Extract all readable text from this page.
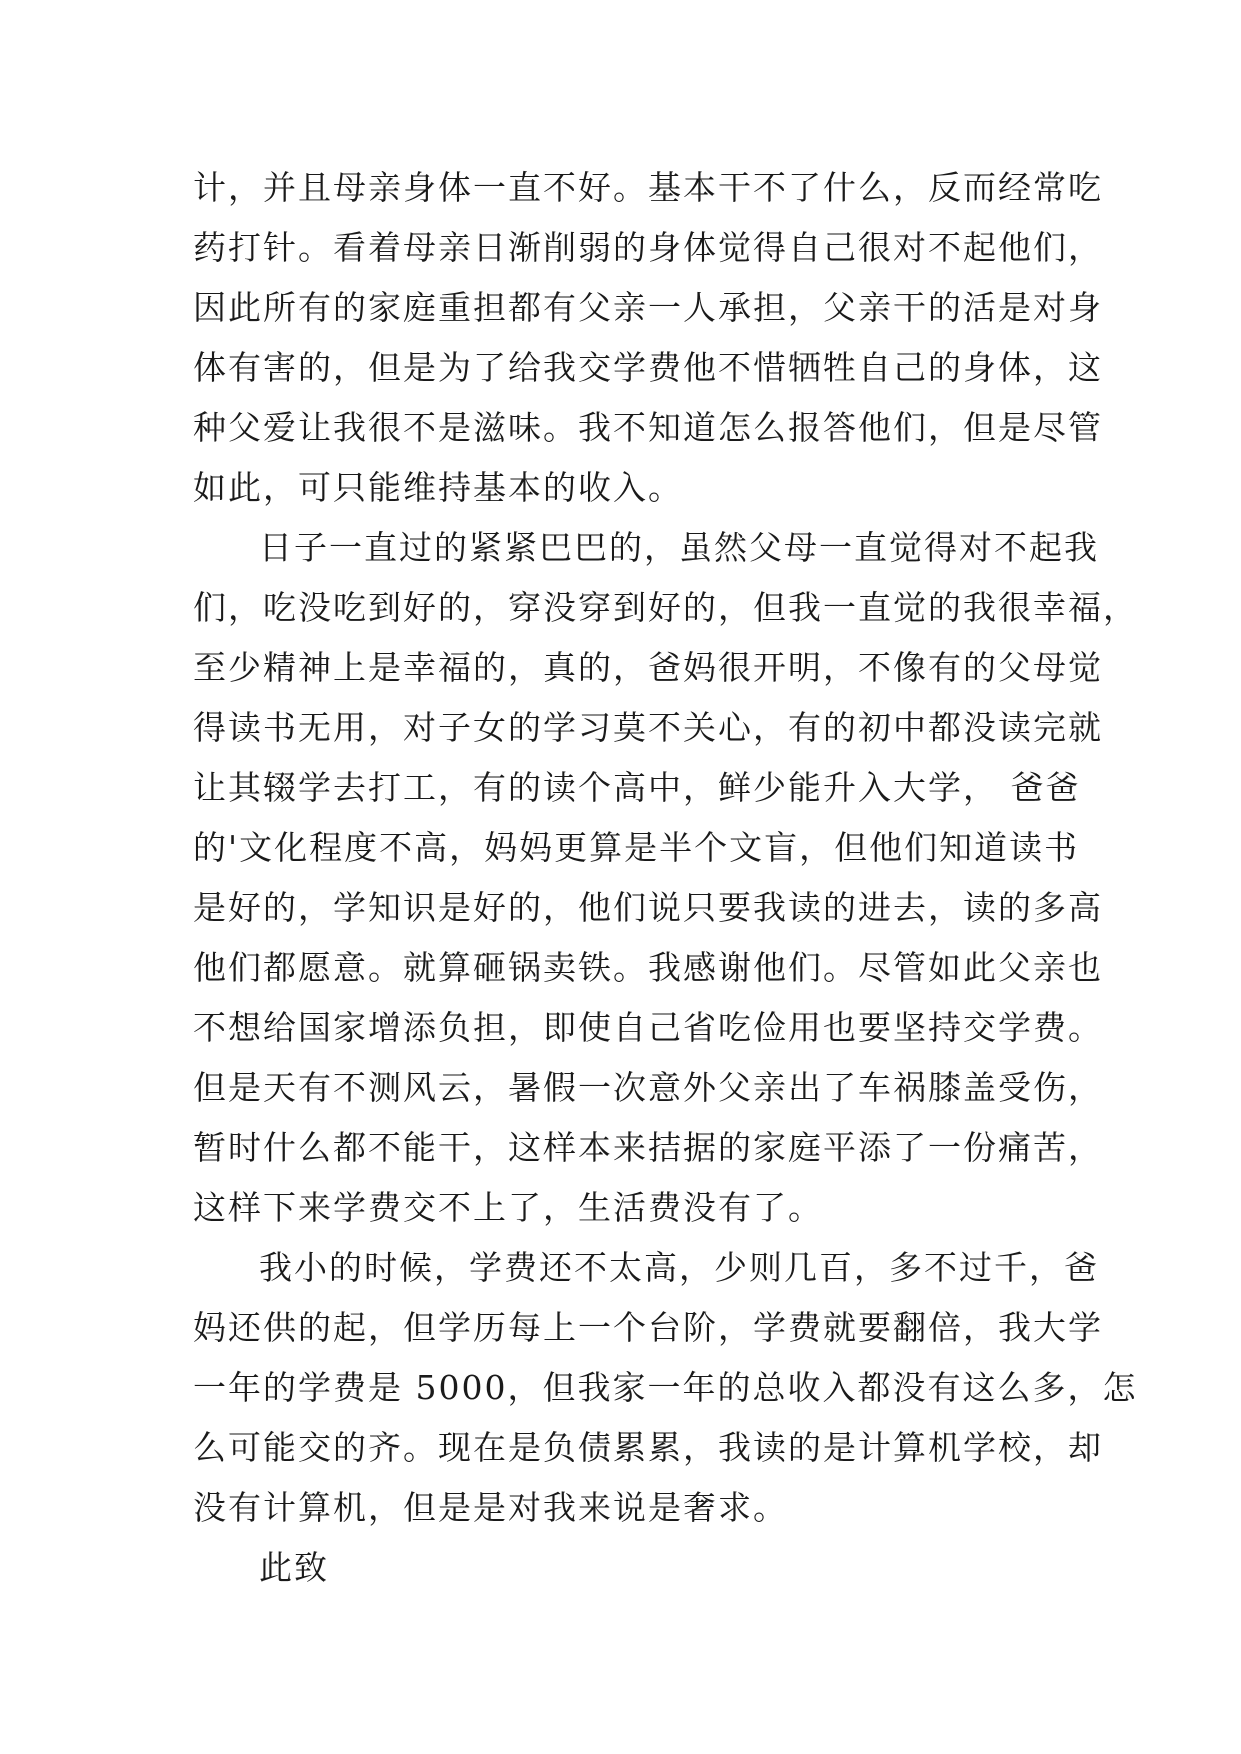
计，并且母亲身体一直不好。基本干不了什么，反而经常吃
药打针。看着母亲日渐削弱的身体觉得自己很对不起他们，
因此所有的家庭重担都有父亲一人承担，父亲干的活是对身
体有害的，但是为了给我交学费他不惜牺牲自己的身体，这
种父爱让我很不是滋味。我不知道怎么报答他们，但是尽管
如此，可只能维持基本的收入。

日子一直过的紧紧巴巴的，虽然父母一直觉得对不起我
们，吃没吃到好的，穿没穿到好的，但我一直觉的我很幸福，
至少精神上是幸福的，真的，爸妈很开明，不像有的父母觉
得读书无用，对子女的学习莫不关心，有的初中都没读完就
让其辍学去打工，有的读个高中，鲜少能升入大学， 爸爸
的'文化程度不高，妈妈更算是半个文盲，但他们知道读书
是好的，学知识是好的，他们说只要我读的进去，读的多高
他们都愿意。就算砸锅卖铁。我感谢他们。尽管如此父亲也
不想给国家增添负担，即使自己省吃俭用也要坚持交学费。
但是天有不测风云，暑假一次意外父亲出了车祸膝盖受伤，
暂时什么都不能干，这样本来拮据的家庭平添了一份痛苦，
这样下来学费交不上了，生活费没有了。

我小的时候，学费还不太高，少则几百，多不过千，爸
妈还供的起，但学历每上一个台阶，学费就要翻倍，我大学
一年的学费是 5000，但我家一年的总收入都没有这么多，怎
么可能交的齐。现在是负债累累，我读的是计算机学校，却
没有计算机，但是是对我来说是奢求。

此致
